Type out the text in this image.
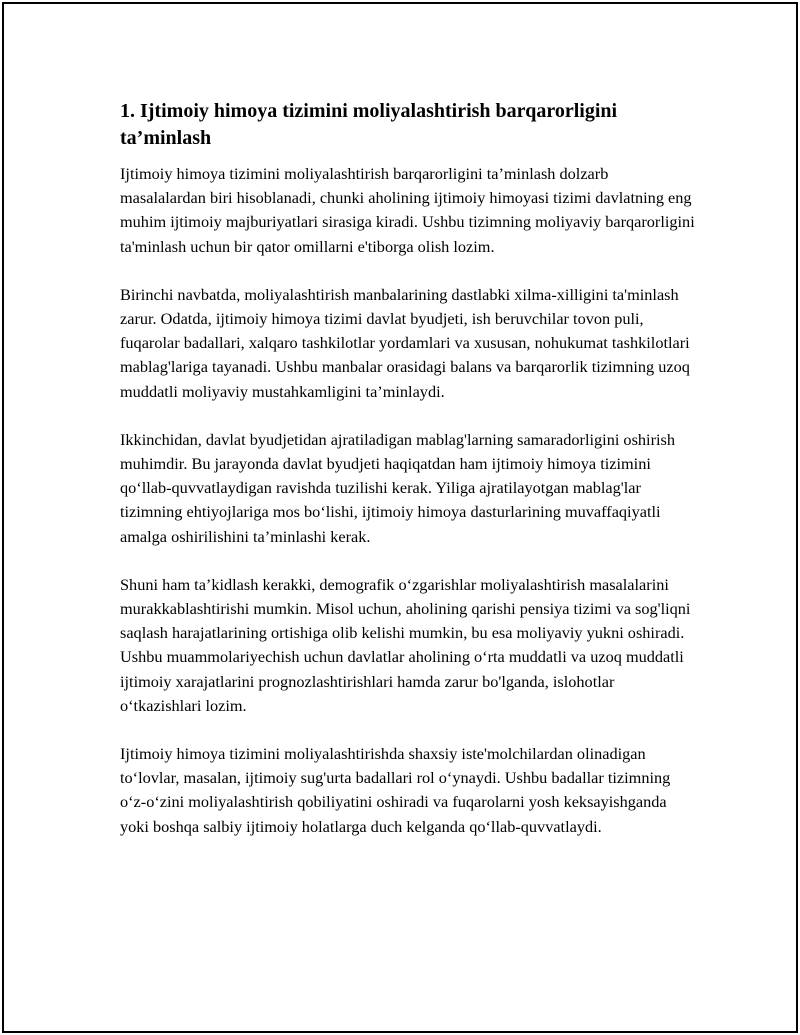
1. Ijtimoiy himoya tizimini moliyalashtirish barqarorligini ta’minlash

Ijtimoiy himoya tizimini moliyalashtirish barqarorligini ta’minlash dolzarb masalalardan biri hisoblanadi, chunki aholining ijtimoiy himoyasi tizimi davlatning eng muhim ijtimoiy majburiyatlari sirasiga kiradi. Ushbu tizimning moliyaviy barqarorligini ta'minlash uchun bir qator omillarni e'tiborga olish lozim.

Birinchi navbatda, moliyalashtirish manbalarining dastlabki xilma-xilligini ta'minlash zarur. Odatda, ijtimoiy himoya tizimi davlat byudjeti, ish beruvchilar tovon puli, fuqarolar badallari, xalqaro tashkilotlar yordamlari va xususan, nohukumat tashkilotlari mablag'lariga tayanadi. Ushbu manbalar orasidagi balans va barqarorlik tizimning uzoq muddatli moliyaviy mustahkamligini ta’minlaydi.

Ikkinchidan, davlat byudjetidan ajratiladigan mablag'larning samaradorligini oshirish muhimdir. Bu jarayonda davlat byudjeti haqiqatdan ham ijtimoiy himoya tizimini qo‘llab-quvvatlaydigan ravishda tuzilishi kerak. Yiliga ajratilayotgan mablag'lar tizimning ehtiyojlariga mos bo‘lishi, ijtimoiy himoya dasturlarining muvaffaqiyatli amalga oshirilishini ta’minlashi kerak.

Shuni ham ta’kidlash kerakki, demografik o‘zgarishlar moliyalashtirish masalalarini murakkablashtirishi mumkin. Misol uchun, aholining qarishi pensiya tizimi va sog'liqni saqlash harajatlarining ortishiga olib kelishi mumkin, bu esa moliyaviy yukni oshiradi. Ushbu muammolariyechish uchun davlatlar aholining o‘rta muddatli va uzoq muddatli ijtimoiy xarajatlarini prognozlashtirishlari hamda zarur bo'lganda, islohotlar o‘tkazishlari lozim.

Ijtimoiy himoya tizimini moliyalashtirishda shaxsiy iste'molchilardan olinadigan to‘lovlar, masalan, ijtimoiy sug'urta badallari rol o‘ynaydi. Ushbu badallar tizimning o‘z-o‘zini moliyalashtirish qobiliyatini oshiradi va fuqarolarni yosh keksayishganda yoki boshqa salbiy ijtimoiy holatlarga duch kelganda qo‘llab-quvvatlaydi.
